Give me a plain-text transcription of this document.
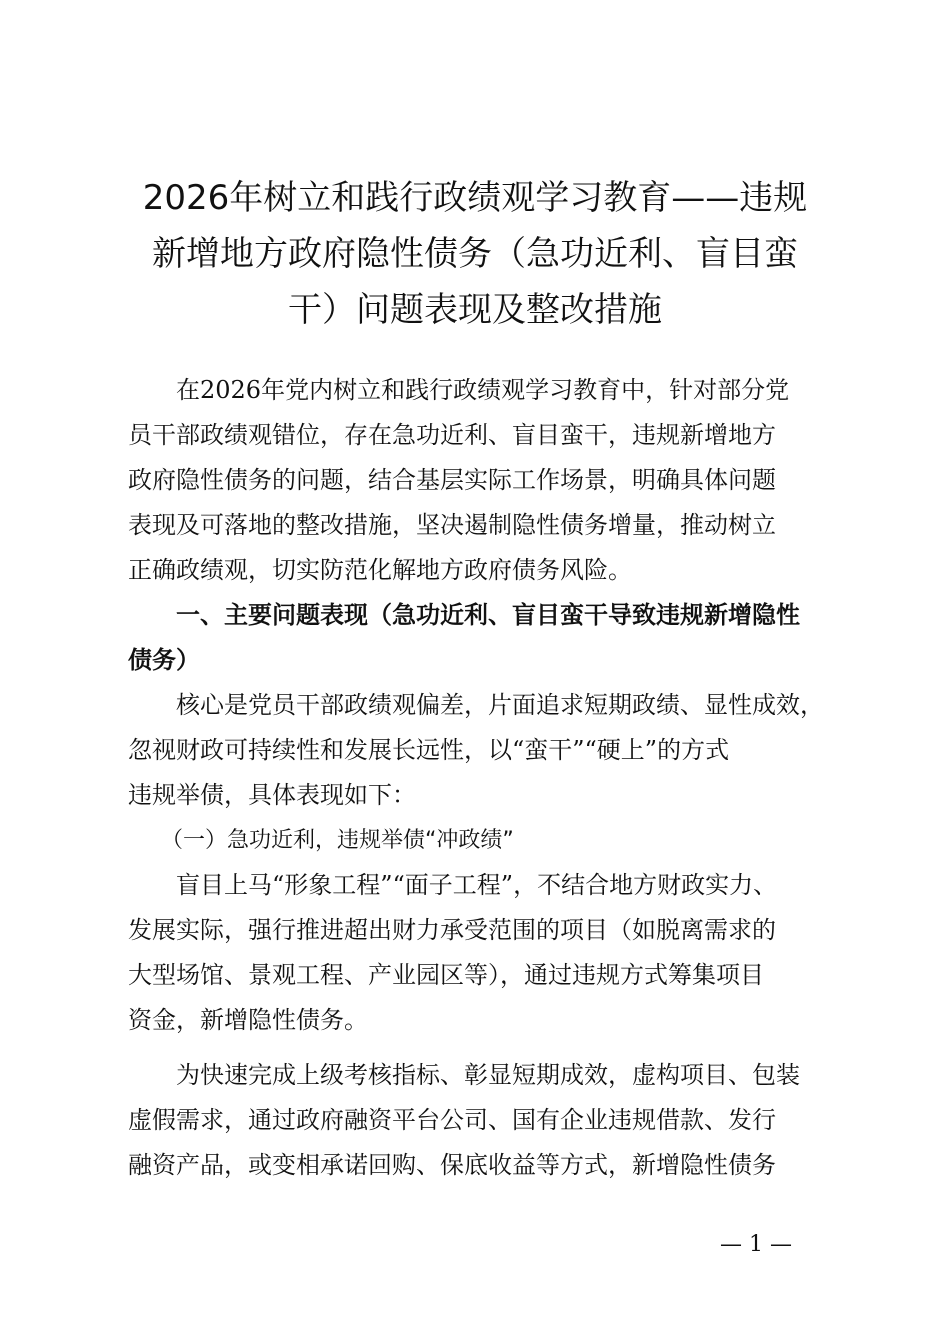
2026年树立和践行政绩观学习教育——违规
新增地方政府隐性债务（急功近利、盲目蛮
干）问题表现及整改措施

　　在2026年党内树立和践行政绩观学习教育中，针对部分党

员干部政绩观错位，存在急功近利、盲目蛮干，违规新增地方

政府隐性债务的问题，结合基层实际工作场景，明确具体问题

表现及可落地的整改措施，坚决遏制隐性债务增量，推动树立

正确政绩观，切实防范化解地方政府债务风险。

　　一、主要问题表现（急功近利、盲目蛮干导致违规新增隐性

债务）

　　核心是党员干部政绩观偏差，片面追求短期政绩、显性成效，

忽视财政可持续性和发展长远性，以“蛮干”“硬上”的方式

违规举债，具体表现如下：

　　（一）急功近利，违规举债“冲政绩”

　　盲目上马“形象工程”“面子工程”，不结合地方财政实力、

发展实际，强行推进超出财力承受范围的项目（如脱离需求的

大型场馆、景观工程、产业园区等），通过违规方式筹集项目

资金，新增隐性债务。

　　为快速完成上级考核指标、彰显短期成效，虚构项目、包装

虚假需求，通过政府融资平台公司、国有企业违规借款、发行

融资产品，或变相承诺回购、保底收益等方式，新增隐性债务

— 1 —
